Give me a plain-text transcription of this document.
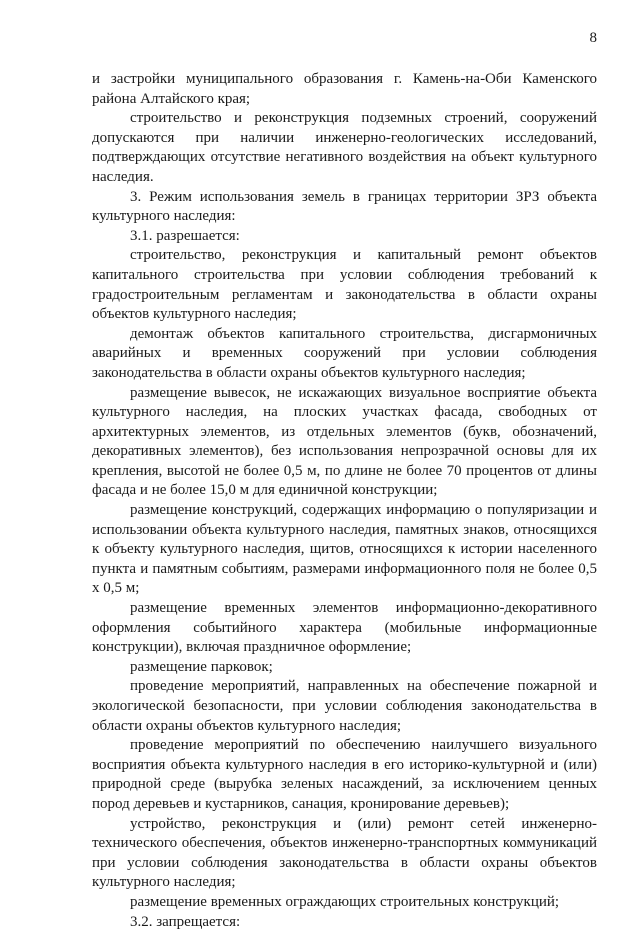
8

и застройки муниципального образования г. Камень-на-Оби Каменского района Алтайского края;

строительство и реконструкция подземных строений, сооружений допускаются при наличии инженерно-геологических исследований, подтверждающих отсутствие негативного воздействия на объект культурного наследия.

3. Режим использования земель в границах территории ЗРЗ объекта культурного наследия:

3.1. разрешается:

строительство, реконструкция и капитальный ремонт объектов капитального строительства при условии соблюдения требований к градостроительным регламентам и законодательства в области охраны объектов культурного наследия;

демонтаж объектов капитального строительства, дисгармоничных аварийных и временных сооружений при условии соблюдения законодательства в области охраны объектов культурного наследия;

размещение вывесок, не искажающих визуальное восприятие объекта культурного наследия, на плоских участках фасада, свободных от архитектурных элементов, из отдельных элементов (букв, обозначений, декоративных элементов), без использования непрозрачной основы для их крепления, высотой не более 0,5 м, по длине не более 70 процентов от длины фасада и не более 15,0 м для единичной конструкции;

размещение конструкций, содержащих информацию о популяризации и использовании объекта культурного наследия, памятных знаков, относящихся к объекту культурного наследия, щитов, относящихся к истории населенного пункта и памятным событиям, размерами информационного поля не более 0,5 х 0,5 м;

размещение временных элементов информационно-декоративного оформления событийного характера (мобильные информационные конструкции), включая праздничное оформление;

размещение парковок;

проведение мероприятий, направленных на обеспечение пожарной и экологической безопасности, при условии соблюдения законодательства в области охраны объектов культурного наследия;

проведение мероприятий по обеспечению наилучшего визуального восприятия объекта культурного наследия в его историко-культурной и (или) природной среде (вырубка зеленых насаждений, за исключением ценных пород деревьев и кустарников, санация, кронирование деревьев);

устройство, реконструкция и (или) ремонт сетей инженерно-технического обеспечения, объектов инженерно-транспортных коммуникаций при условии соблюдения законодательства в области охраны объектов культурного наследия;

размещение временных ограждающих строительных конструкций;

3.2. запрещается:
